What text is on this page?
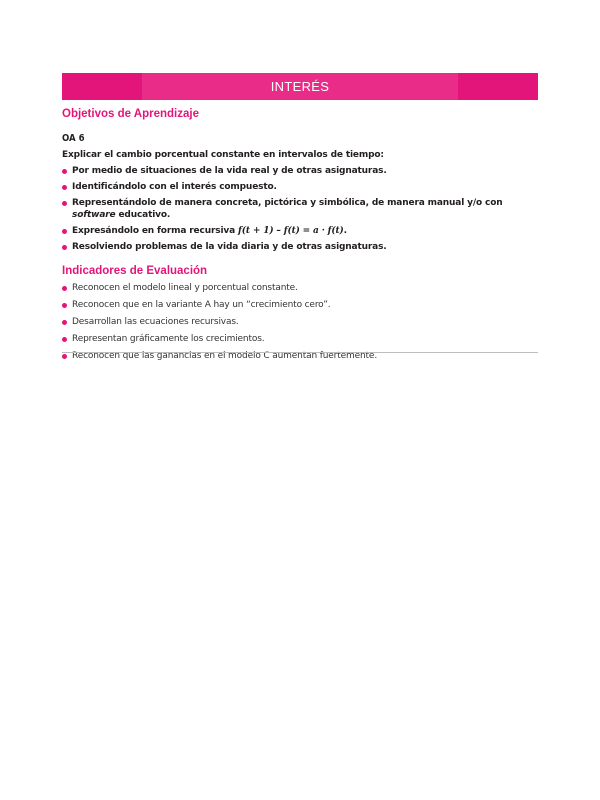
INTERÉS
Objetivos de Aprendizaje
OA 6
Explicar el cambio porcentual constante en intervalos de tiempo:
Por medio de situaciones de la vida real y de otras asignaturas.
Identificándolo con el interés compuesto.
Representándolo de manera concreta, pictórica y simbólica, de manera manual y/o con software educativo.
Expresándolo en forma recursiva f(t + 1) – f(t) = a · f(t).
Resolviendo problemas de la vida diaria y de otras asignaturas.
Indicadores de Evaluación
Reconocen el modelo lineal y porcentual constante.
Reconocen que en la variante A hay un “crecimiento cero”.
Desarrollan las ecuaciones recursivas.
Representan gráficamente los crecimientos.
Reconocen que las ganancias en el modelo C aumentan fuertemente.
